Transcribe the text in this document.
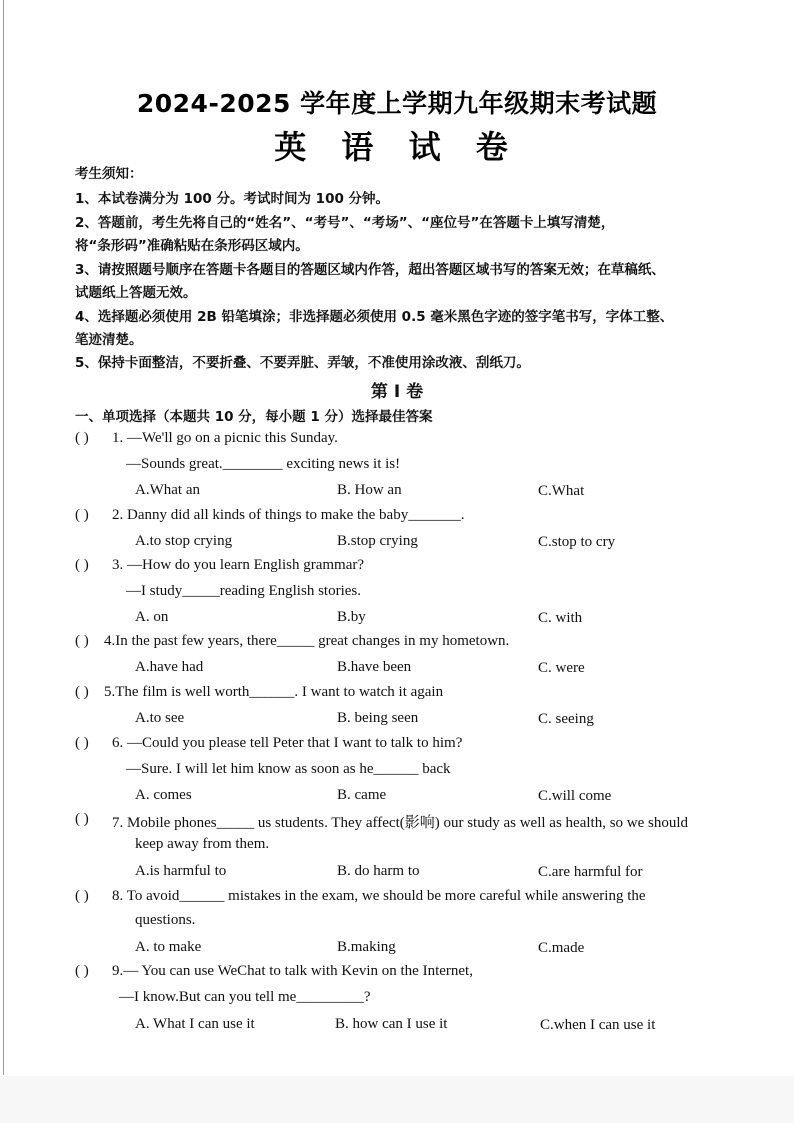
2024-2025 学年度上学期九年级期末考试题
英 语 试 卷
考生须知：
1、本试卷满分为 100 分。考试时间为 100 分钟。
2、答题前，考生先将自己的“姓名”、“考号”、“考场”、“座位号”在答题卡上填写清楚，
将“条形码”准确粘贴在条形码区域内。
3、请按照题号顺序在答题卡各题目的答题区域内作答，超出答题区域书写的答案无效；在草稿纸、
试题纸上答题无效。
4、选择题必须使用 2B 铅笔填涂；非选择题必须使用 0.5 毫米黑色字迹的签字笔书写，字体工整、
笔迹清楚。
5、保持卡面整洁，不要折叠、不要弄脏、弄皱，不准使用涂改液、刮纸刀。
第 I 卷
一、单项选择（本题共 10 分，每小题 1 分）选择最佳答案
( ) 1. —We'll go on a picnic this Sunday.
—Sounds great.________ exciting news it is!
A.What an	B. How an	C.What
( ) 2. Danny did all kinds of things to make the baby_______.
A.to stop crying	B.stop crying	C.stop to cry
( ) 3. —How do you learn English grammar?
—I study_____reading English stories.
A. on	B.by	C. with
( ) 4.In the past few years, there_____ great changes in my hometown.
A.have had	B.have been	C. were
( ) 5.The film is well worth______. I want to watch it again
A.to see	B. being seen	C. seeing
( ) 6. —Could you please tell Peter that I want to talk to him?
—Sure. I will let him know as soon as he______ back
A. comes	B. came	C.will come
( ) 7. Mobile phones_____ us students. They affect(影响) our study as well as health, so we should
keep away from them.
A.is harmful to	B. do harm to	C.are harmful for
( ) 8. To avoid______ mistakes in the exam, we should be more careful while answering the
questions.
A. to make	B.making	C.made
( ) 9.— You can use WeChat to talk with Kevin on the Internet,
—I know.But can you tell me_________?
A. What I can use it	B. how can I use it	C.when I can use it
